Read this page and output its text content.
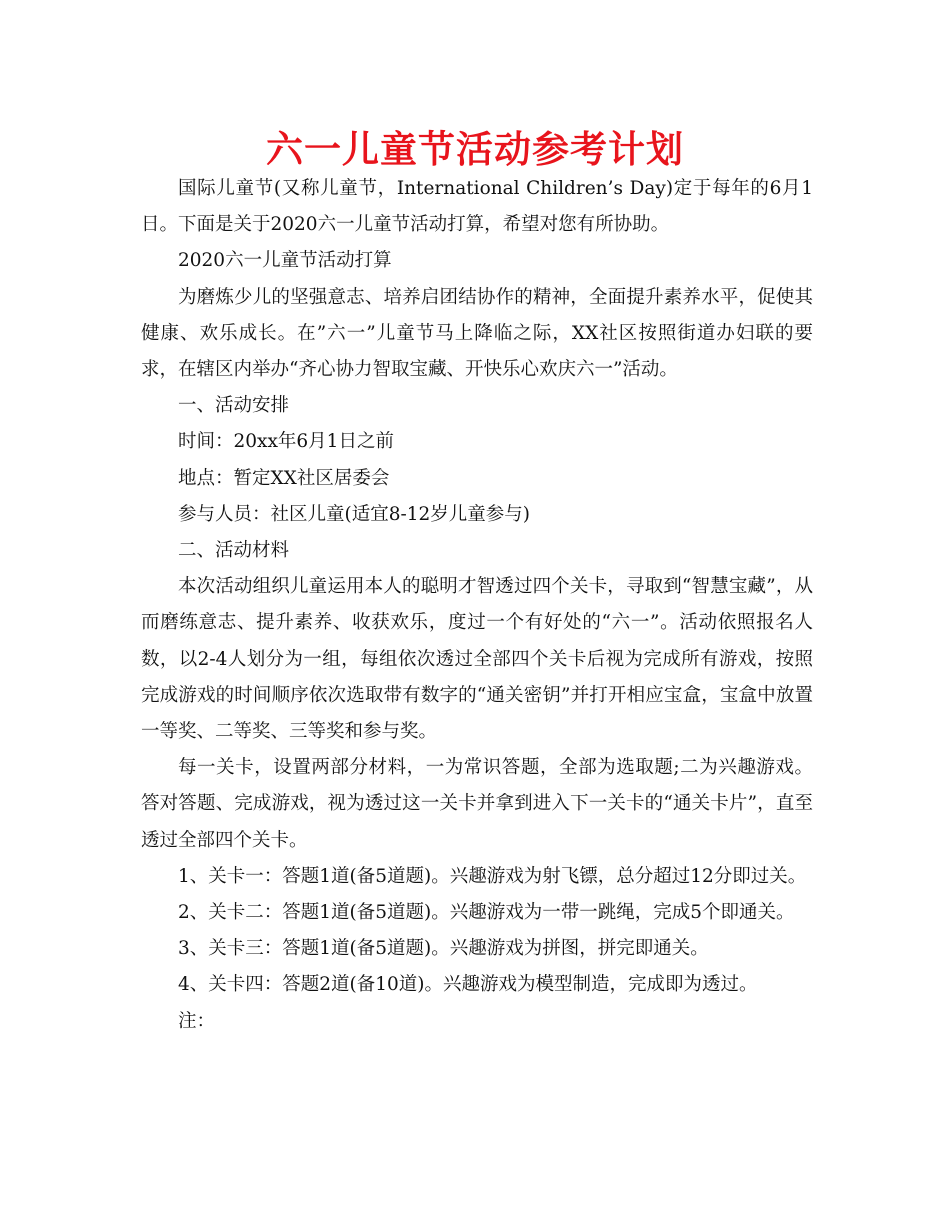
六一儿童节活动参考计划

国际儿童节(又称儿童节，International Children’s Day)定于每年的6月1日。下面是关于2020六一儿童节活动打算，希望对您有所协助。

2020六一儿童节活动打算

为磨炼少儿的坚强意志、培养启团结协作的精神，全面提升素养水平，促使其健康、欢乐成长。在”六一”儿童节马上降临之际，XX社区按照街道办妇联的要求，在辖区内举办“齐心协力智取宝藏、开快乐心欢庆六一”活动。

一、活动安排

时间：20xx年6月1日之前

地点：暂定XX社区居委会

参与人员：社区儿童(适宜8-12岁儿童参与)

二、活动材料

本次活动组织儿童运用本人的聪明才智透过四个关卡，寻取到“智慧宝藏”，从而磨练意志、提升素养、收获欢乐，度过一个有好处的“六一”。活动依照报名人数，以2-4人划分为一组，每组依次透过全部四个关卡后视为完成所有游戏，按照完成游戏的时间顺序依次选取带有数字的“通关密钥”并打开相应宝盒，宝盒中放置一等奖、二等奖、三等奖和参与奖。

每一关卡，设置两部分材料，一为常识答题，全部为选取题;二为兴趣游戏。答对答题、完成游戏，视为透过这一关卡并拿到进入下一关卡的“通关卡片”，直至透过全部四个关卡。

1、关卡一：答题1道(备5道题)。兴趣游戏为射飞镖，总分超过12分即过关。

2、关卡二：答题1道(备5道题)。兴趣游戏为一带一跳绳，完成5个即通关。

3、关卡三：答题1道(备5道题)。兴趣游戏为拼图，拼完即通关。

4、关卡四：答题2道(备10道)。兴趣游戏为模型制造，完成即为透过。

注：
